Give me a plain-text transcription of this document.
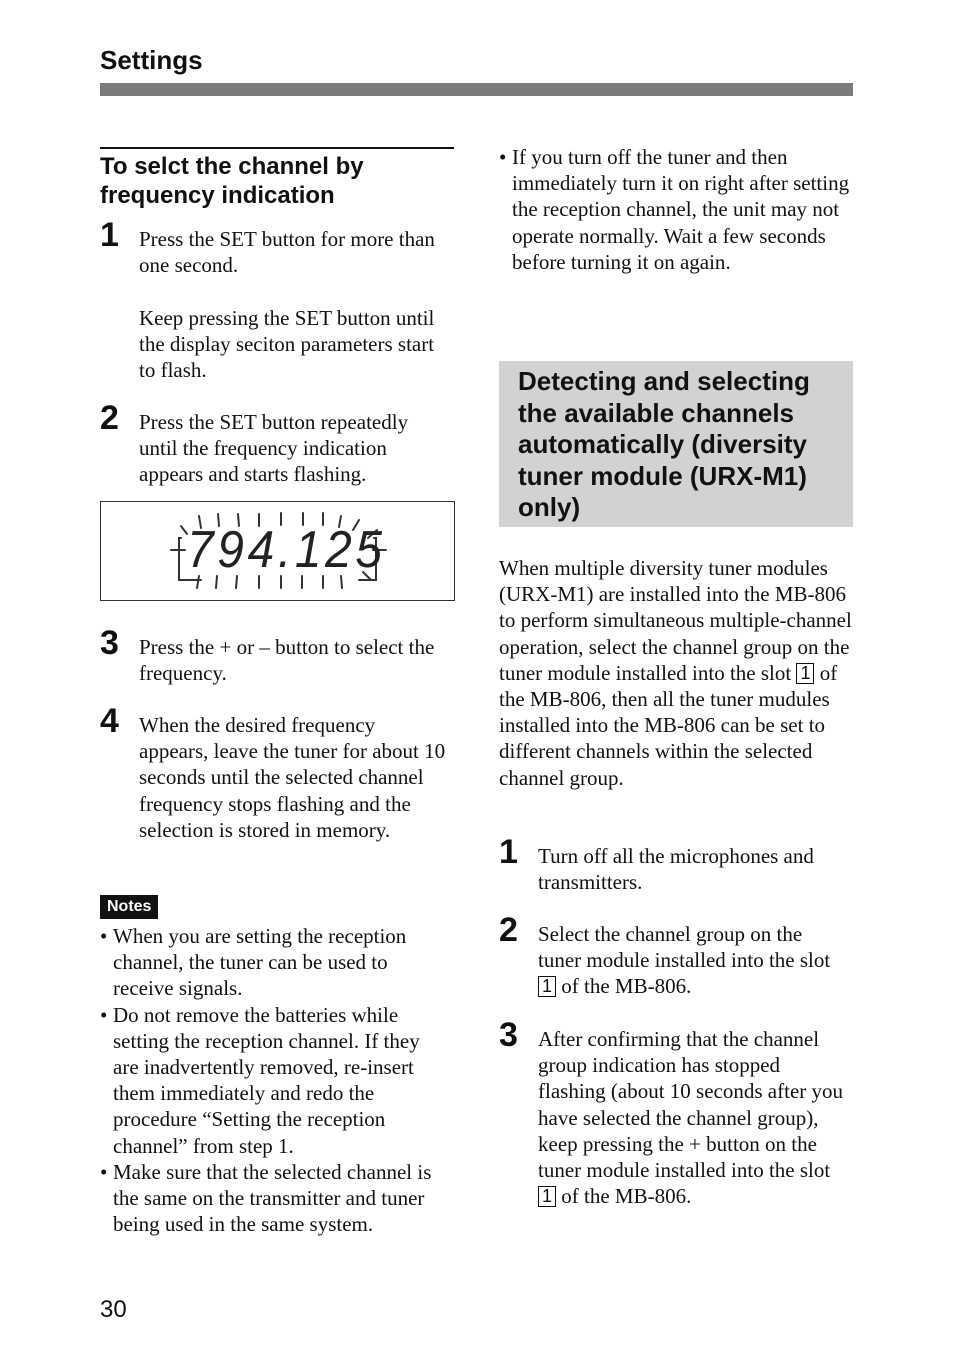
Settings
To selct the channel by frequency indication
1 Press the SET button for more than one second.

Keep pressing the SET button until the display seciton parameters start to flash.

2 Press the SET button repeatedly until the frequency indication appears and starts flashing.
794.125
3 Press the + or – button to select the frequency.
4 When the desired frequency appears, leave the tuner for about 10 seconds until the selected channel frequency stops flashing and the selection is stored in memory.
Notes
• When you are setting the reception channel, the tuner can be used to receive signals.
• Do not remove the batteries while setting the reception channel. If they are inadvertently removed, re-insert them immediately and redo the procedure “Setting the reception channel” from step 1.
• Make sure that the selected channel is the same on the transmitter and tuner being used in the same system.
• If you turn off the tuner and then immediately turn it on right after setting the reception channel, the unit may not operate normally. Wait a few seconds before turning it on again.
Detecting and selecting the available channels automatically (diversity tuner module (URX-M1) only)
When multiple diversity tuner modules (URX-M1) are installed into the MB-806 to perform simultaneous multiple-channel operation, select the channel group on the tuner module installed into the slot 1 of the MB-806, then all the tuner mudules installed into the MB-806 can be set to different channels within the selected channel group.
1 Turn off all the microphones and transmitters.
2 Select the channel group on the tuner module installed into the slot 1 of the MB-806.
3 After confirming that the channel group indication has stopped flashing (about 10 seconds after you have selected the channel group), keep pressing the + button on the tuner module installed into the slot 1 of the MB-806.
30
